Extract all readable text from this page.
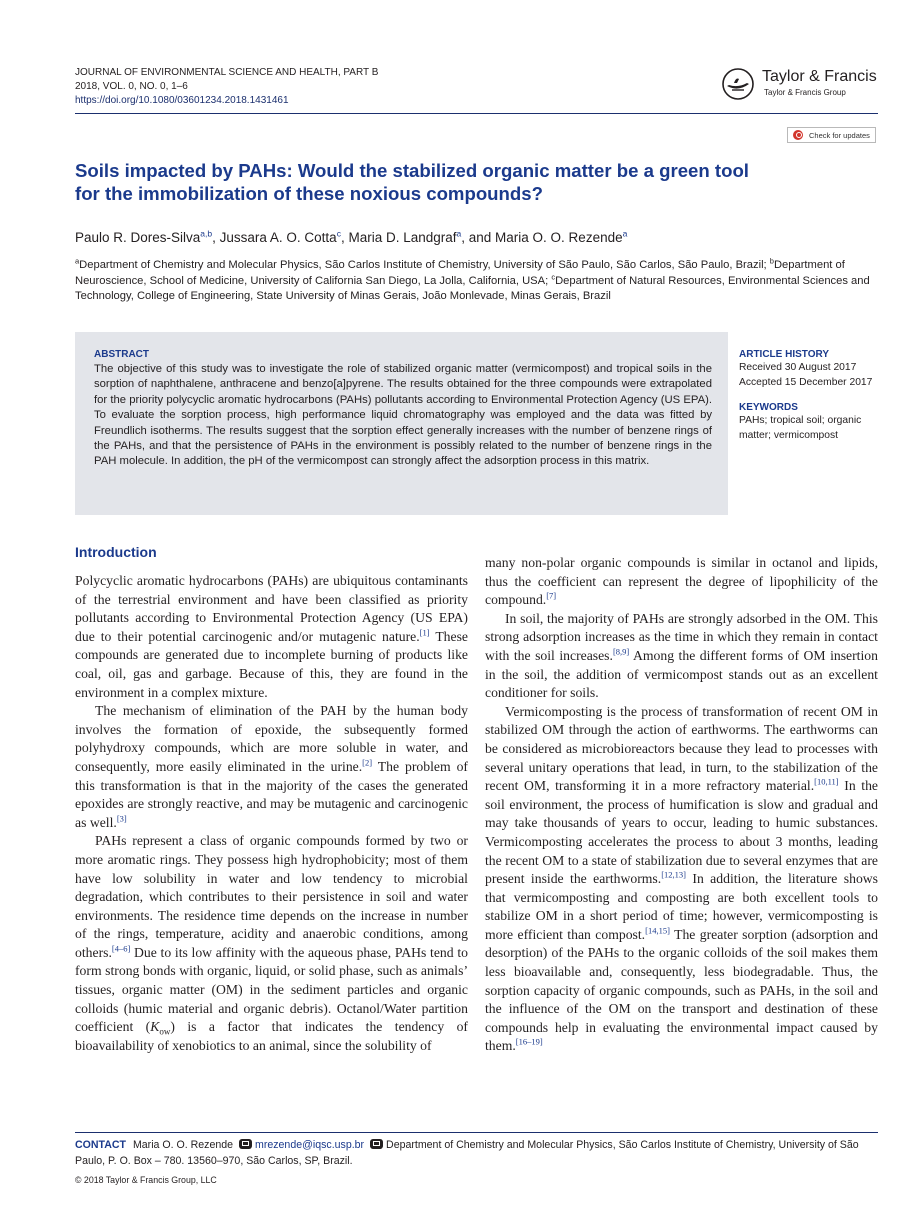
JOURNAL OF ENVIRONMENTAL SCIENCE AND HEALTH, PART B
2018, VOL. 0, NO. 0, 1–6
https://doi.org/10.1080/03601234.2018.1431461
Taylor & Francis
Taylor & Francis Group
Check for updates
Soils impacted by PAHs: Would the stabilized organic matter be a green tool
for the immobilization of these noxious compounds?
Paulo R. Dores-Silva$^{a,b}$, Jussara A. O. Cotta$^c$, Maria D. Landgraf$^a$, and Maria O. O. Rezende$^a$
$^a$Department of Chemistry and Molecular Physics, São Carlos Institute of Chemistry, University of São Paulo, São Carlos, São Paulo, Brazil; $^b$Department of Neuroscience, School of Medicine, University of California San Diego, La Jolla, California, USA; $^c$Department of Natural Resources, Environmental Sciences and Technology, College of Engineering, State University of Minas Gerais, João Monlevade, Minas Gerais, Brazil
ABSTRACT
The objective of this study was to investigate the role of stabilized organic matter (vermicompost) and tropical soils in the sorption of naphthalene, anthracene and benzo[a]pyrene. The results obtained for the three compounds were extrapolated for the priority polycyclic aromatic hydrocarbons (PAHs) pollutants according to Environmental Protection Agency (US EPA). To evaluate the sorption process, high performance liquid chromatography was employed and the data was fitted by Freundlich isotherms. The results suggest that the sorption effect generally increases with the number of benzene rings of the PAHs, and that the persistence of PAHs in the environment is possibly related to the number of benzene rings in the PAH molecule. In addition, the pH of the vermicompost can strongly affect the adsorption process in this matrix.
ARTICLE HISTORY
Received 30 August 2017
Accepted 15 December 2017
KEYWORDS
PAHs; tropical soil; organic
matter; vermicompost
Introduction

Polycyclic aromatic hydrocarbons (PAHs) are ubiquitous contaminants of the terrestrial environment and have been classified as priority pollutants according to Environmental Protection Agency (US EPA) due to their potential carcinogenic and/or mutagenic nature.[1] These compounds are generated due to incomplete burning of products like coal, oil, gas and garbage. Because of this, they are found in the environment in a complex mixture.

The mechanism of elimination of the PAH by the human body involves the formation of epoxide, the subsequently formed polyhydroxy compounds, which are more soluble in water, and consequently, more easily eliminated in the urine.[2] The problem of this transformation is that in the majority of the cases the generated epoxides are strongly reactive, and may be mutagenic and carcinogenic as well.[3]

PAHs represent a class of organic compounds formed by two or more aromatic rings. They possess high hydrophobicity; most of them have low solubility in water and low tendency to microbial degradation, which contributes to their persistence in soil and water environments. The residence time depends on the increase in number of the rings, temperature, acidity and anaerobic conditions, among others.[4–6] Due to its low affinity with the aqueous phase, PAHs tend to form strong bonds with organic, liquid, or solid phase, such as animals’ tissues, organic matter (OM) in the sediment particles and organic colloids (humic material and organic debris). Octanol/Water partition coefficient $(K_{ow})$ is a factor that indicates the tendency of bioavailability of xenobiotics to an animal, since the solubility of

many non-polar organic compounds is similar in octanol and lipids, thus the coefficient can represent the degree of lipophilicity of the compound.[7]

In soil, the majority of PAHs are strongly adsorbed in the OM. This strong adsorption increases as the time in which they remain in contact with the soil increases.[8,9] Among the different forms of OM insertion in the soil, the addition of vermicompost stands out as an excellent conditioner for soils.

Vermicomposting is the process of transformation of recent OM in stabilized OM through the action of earthworms. The earthworms can be considered as microbioreactors because they lead to processes with several unitary operations that lead, in turn, to the stabilization of the recent OM, transforming it in a more refractory material.[10,11] In the soil environment, the process of humification is slow and gradual and may take thousands of years to occur, leading to humic substances. Vermicomposting accelerates the process to about 3 months, leading the recent OM to a state of stabilization due to several enzymes that are present inside the earthworms.[12,13] In addition, the literature shows that vermicomposting and composting are both excellent tools to stabilize OM in a short period of time; however, vermicomposting is more efficient than compost.[14,15] The greater sorption (adsorption and desorption) of the PAHs to the organic colloids of the soil makes them less bioavailable and, consequently, less biodegradable. Thus, the sorption capacity of organic compounds, such as PAHs, in the soil and the influence of the OM on the transport and destination of these compounds help in evaluating the environmental impact caused by them.[16–19]

CONTACT Maria O. O. Rezende mrezende@iqsc.usp.br Department of Chemistry and Molecular Physics, São Carlos Institute of Chemistry, University of São Paulo, P. O. Box – 780. 13560–970, São Carlos, SP, Brazil.
© 2018 Taylor & Francis Group, LLC
